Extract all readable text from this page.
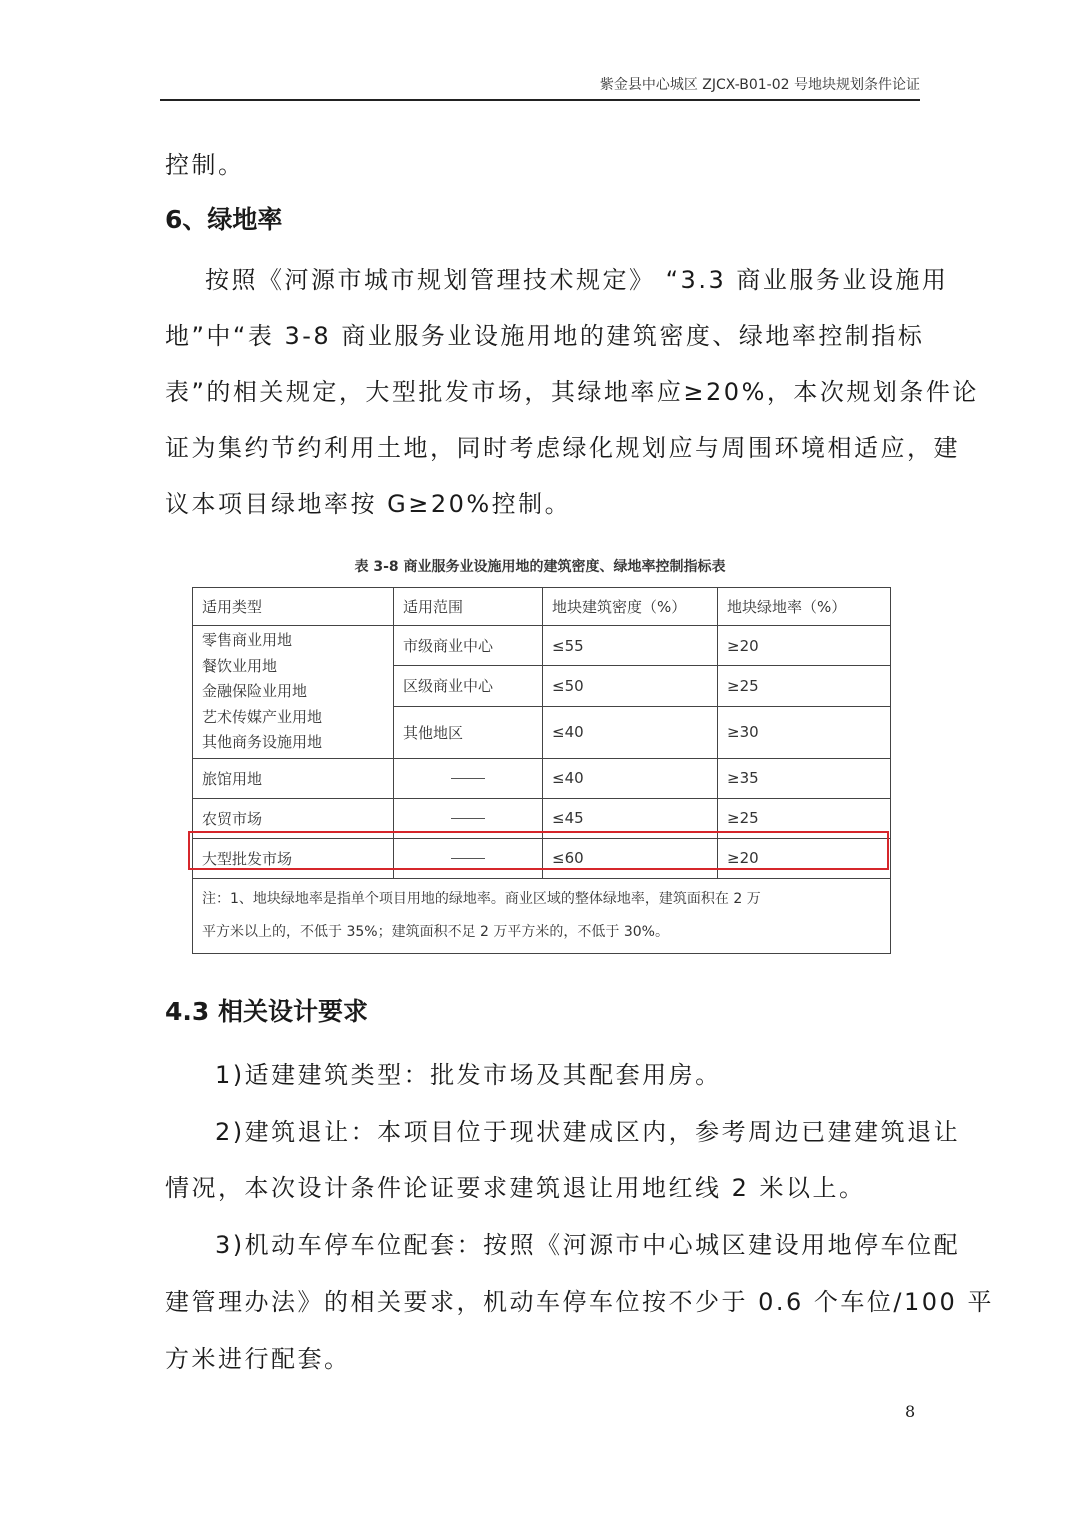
紫金县中心城区 ZJCX-B01-02 号地块规划条件论证
控制。
6、绿地率
按照《河源市城市规划管理技术规定》 “3.3 商业服务业设施用
地”中“表 3-8 商业服务业设施用地的建筑密度、绿地率控制指标
表”的相关规定，大型批发市场，其绿地率应≥20%，本次规划条件论
证为集约节约利用土地，同时考虑绿化规划应与周围环境相适应，建
议本项目绿地率按 G≥20%控制。
表 3-8 商业服务业设施用地的建筑密度、绿地率控制指标表
适用类型	适用范围	地块建筑密度（%）	地块绿地率（%）

零售商业用地
餐饮业用地
金融保险业用地
艺术传媒产业用地
其他商务设施用地	市级商业中心	≤55	≥20
	区级商业中心	≤50	≥25
	其他地区	≤40	≥30
旅馆用地		≤40	≥35
农贸市场		≤45	≥25
大型批发市场		≤60	≥20

注：1、地块绿地率是指单个项目用地的绿地率。商业区域的整体绿地率，建筑面积在 2 万
平方米以上的，不低于 35%；建筑面积不足 2 万平方米的，不低于 30%。			
4.3 相关设计要求
1)适建建筑类型：批发市场及其配套用房。
2)建筑退让：本项目位于现状建成区内，参考周边已建建筑退让
情况，本次设计条件论证要求建筑退让用地红线 2 米以上。
3)机动车停车位配套：按照《河源市中心城区建设用地停车位配
建管理办法》的相关要求，机动车停车位按不少于 0.6 个车位/100 平
方米进行配套。
8
